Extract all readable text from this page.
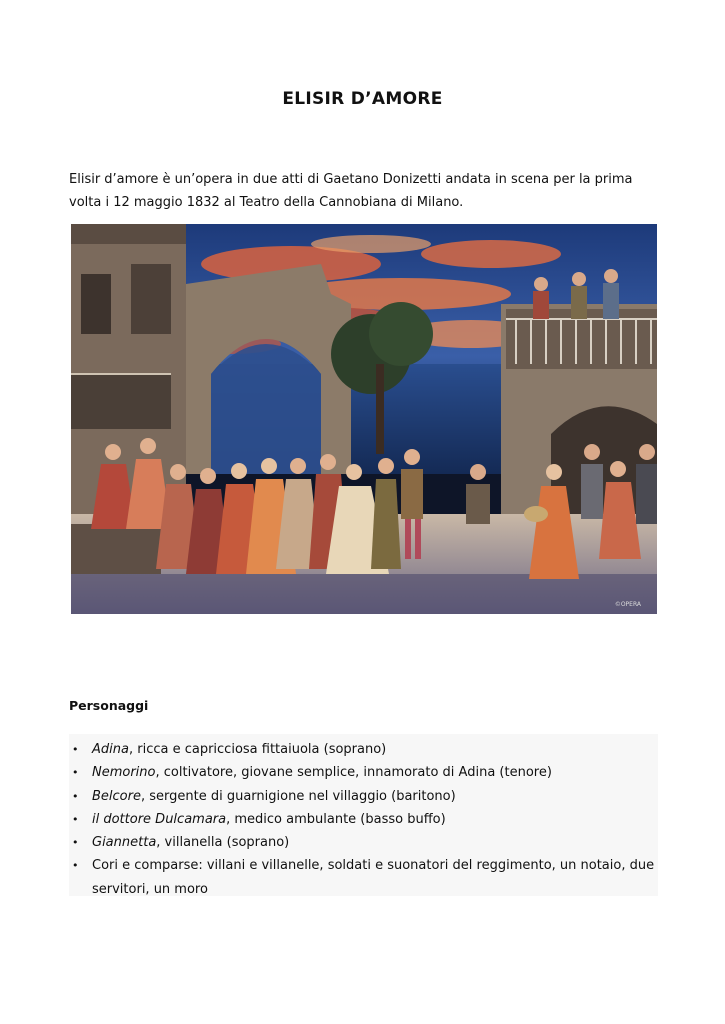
ELISIR D’AMORE

Elisir d’amore è un’opera in due atti di Gaetano Donizetti andata in scena per la prima volta i 12 maggio 1832 al Teatro della Cannobiana di Milano.

©OPERA
Personaggi
• Adina, ricca e capricciosa fittaiuola (soprano)
• Nemorino, coltivatore, giovane semplice, innamorato di Adina (tenore)
• Belcore, sergente di guarnigione nel villaggio (baritono)
• il dottore Dulcamara, medico ambulante (basso buffo)
• Giannetta, villanella (soprano)
• Cori e comparse: villani e villanelle, soldati e suonatori del reggimento, un notaio, due servitori, un moro
